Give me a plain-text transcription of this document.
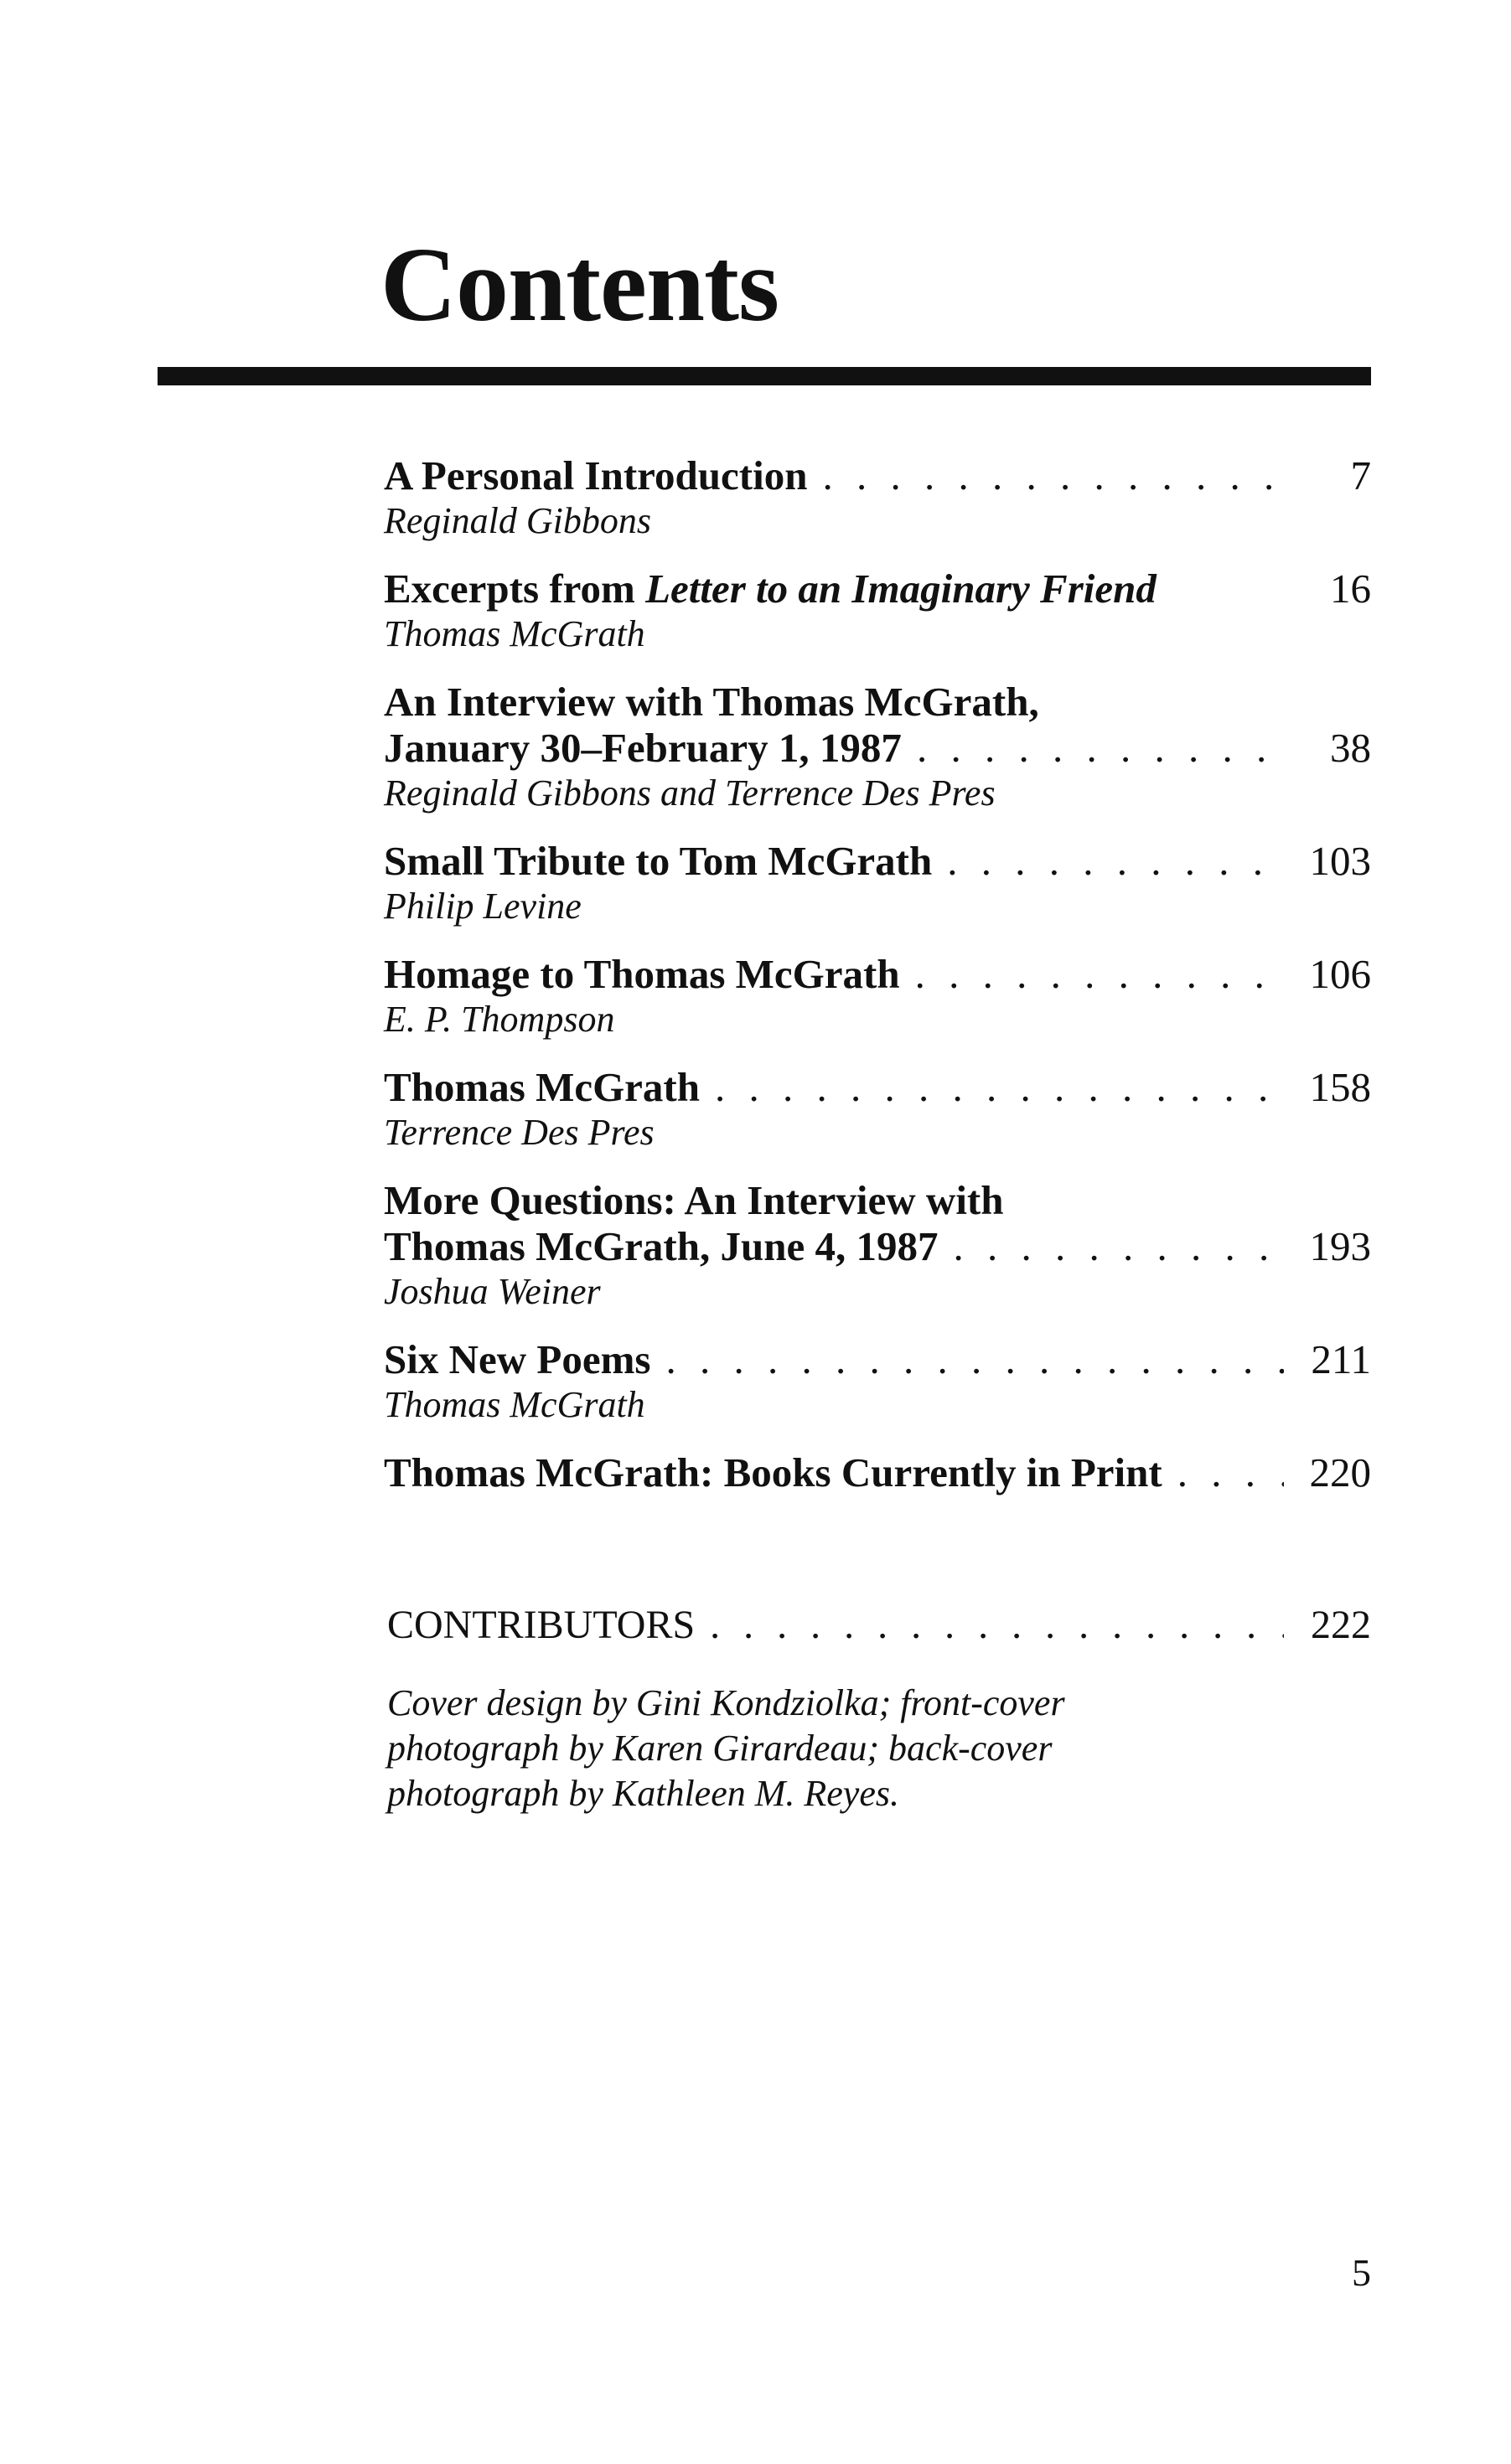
Contents
A Personal Introduction . . .	7
Reginald Gibbons
Excerpts from Letter to an Imaginary Friend	16
Thomas McGrath
An Interview with Thomas McGrath,
January 30–February 1, 1987 . . .	38
Reginald Gibbons and Terrence Des Pres
Small Tribute to Tom McGrath . . .	103
Philip Levine
Homage to Thomas McGrath . . .	106
E. P. Thompson
Thomas McGrath . . .	158
Terrence Des Pres
More Questions: An Interview with
Thomas McGrath, June 4, 1987 . . .	193
Joshua Weiner
Six New Poems . . .	211
Thomas McGrath
Thomas McGrath: Books Currently in Print . . .	220
CONTRIBUTORS . . .	222
Cover design by Gini Kondziolka; front-cover
photograph by Karen Girardeau; back-cover
photograph by Kathleen M. Reyes.
5
